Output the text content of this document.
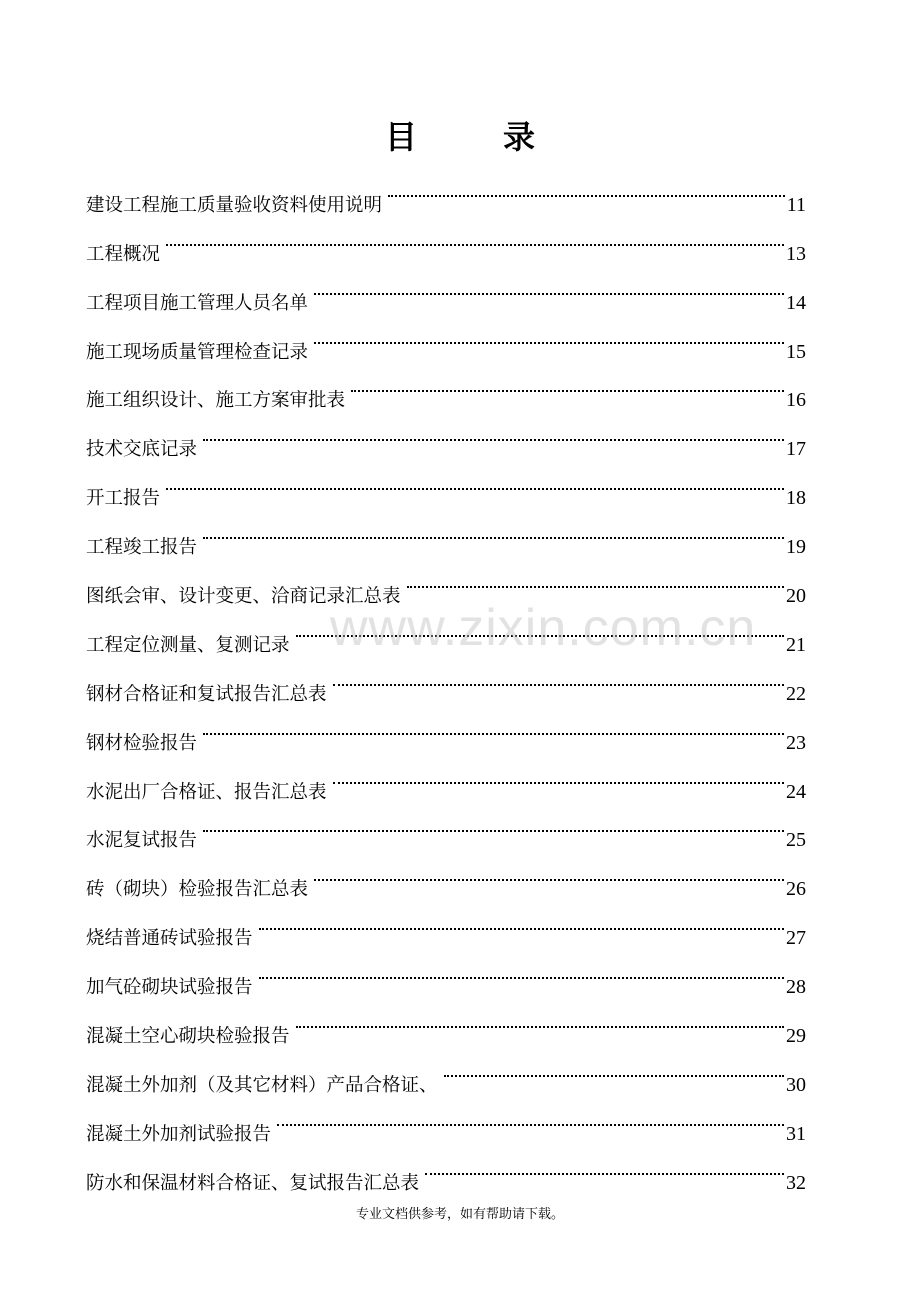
目	录
建设工程施工质量验收资料使用说明	11
工程概况	13
工程项目施工管理人员名单	14
施工现场质量管理检查记录	15
施工组织设计、施工方案审批表	16
技术交底记录	17
开工报告	18
工程竣工报告	19
图纸会审、设计变更、洽商记录汇总表	20
工程定位测量、复测记录	21
钢材合格证和复试报告汇总表	22
钢材检验报告	23
水泥出厂合格证、报告汇总表	24
水泥复试报告	25
砖（砌块）检验报告汇总表	26
烧结普通砖试验报告	27
加气砼砌块试验报告	28
混凝土空心砌块检验报告	29
混凝土外加剂（及其它材料）产品合格证、	30
混凝土外加剂试验报告	31
防水和保温材料合格证、复试报告汇总表	32
www.zixin.com.cn
专业文档供参考，如有帮助请下载。
